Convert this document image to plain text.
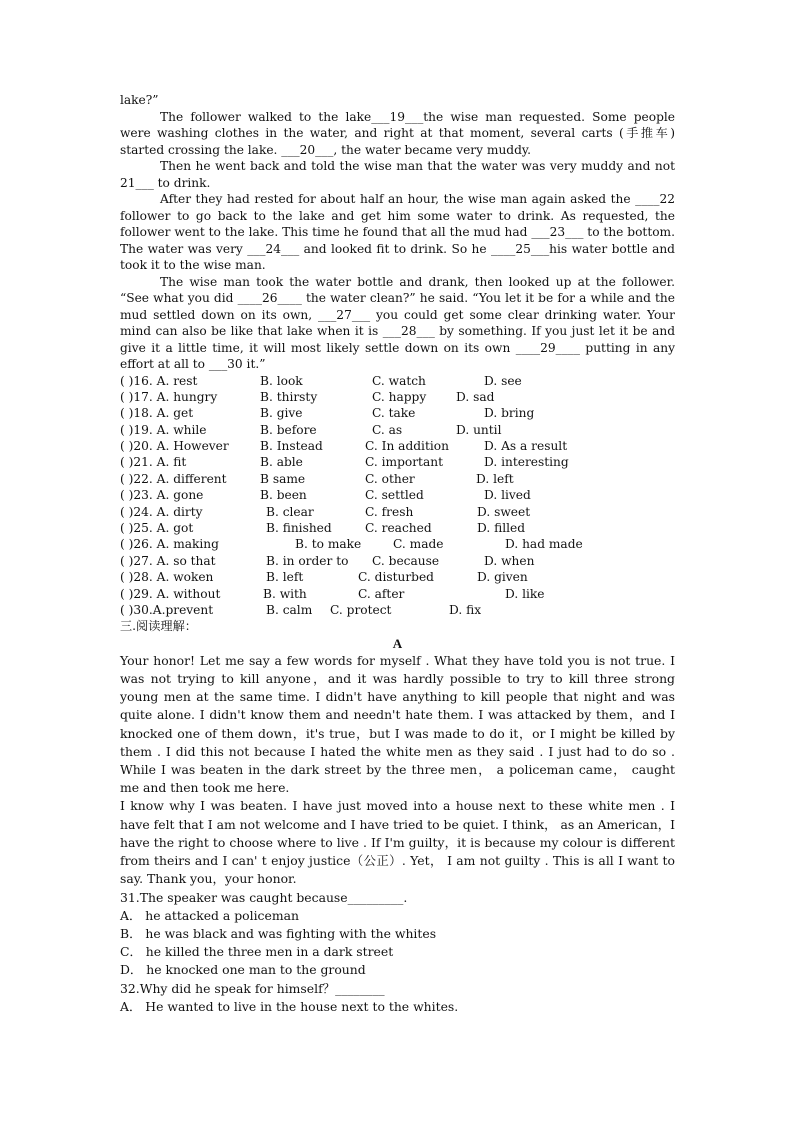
lake?”

The follower walked to the lake___19___the wise man requested. Some people were washing clothes in the water, and right at that moment, several carts (手推车) started crossing the lake. ___20___, the water became very muddy.

Then he went back and told the wise man that the water was very muddy and not 21___ to drink.

After they had rested for about half an hour, the wise man again asked the ____22 follower to go back to the lake and get him some water to drink. As requested, the follower went to the lake. This time he found that all the mud had ___23___ to the bottom. The water was very ___24___ and looked fit to drink. So he ____25___his water bottle and took it to the wise man.

The wise man took the water bottle and drank, then looked up at the follower. “See what you did ____26____ the water clean?” he said. “You let it be for a while and the mud settled down on its own, ___27___ you could get some clear drinking water. Your mind can also be like that lake when it is ___28___ by something. If you just let it be and give it a little time, it will most likely settle down on its own ____29____ putting in any effort at all to ___30 it.”

( )16. A. rest	B. look	C. watch	D. see
( )17. A. hungry	B. thirsty	C. happy D. sad
( )18. A. get	B. give	C. take	D. bring
( )19. A. while	B. before	C. as	D. until
( )20. A. However	B. Instead	C. In addition	D. As a result
( )21. A. fit	B. able	C. important	D. interesting
( )22. A. different	B same	C. other	D. left
( )23. A. gone	B. been	C. settled	D. lived
( )24. A. dirty	B. clear	C. fresh	D. sweet
( )25. A. got	B. finished	C. reached	D. filled
( )26. A. making	B. to make	C. made	D. had made
( )27. A. so that	B. in order to C. because	D. when
( )28. A. woken	B. left	C. disturbed	D. given
( )29. A. without	B. with	C. after	D. like
( )30.A.prevent	B. calm C. protect	D. fix

三.阅读理解：

A

Your honor! Let me say a few words for myself . What they have told you is not true. I was not trying to kill anyone，and it was hardly possible to try to kill three strong young men at the same time. I didn't have anything to kill people that night and was quite alone. I didn't know them and needn't hate them. I was attacked by them，and I knocked one of them down，it's true，but I was made to do it，or I might be killed by them . I did this not because I hated the white men as they said . I just had to do so . While I was beaten in the dark street by the three men， a policeman came， caught me and then took me here.

I know why I was beaten. I have just moved into a house next to these white men . I have felt that I am not welcome and I have tried to be quiet. I think， as an American，I have the right to choose where to live . If I'm guilty，it is because my colour is different from theirs and I can' t enjoy justice（公正）. Yet， I am not guilty . This is all I want to say. Thank you，your honor.

31.The speaker was caught because_________.

A． he attacked a policeman

B． he was black and was fighting with the whites

C． he killed the three men in a dark street

D． he knocked one man to the ground

32.Why did he speak for himself？________

A． He wanted to live in the house next to the whites.
